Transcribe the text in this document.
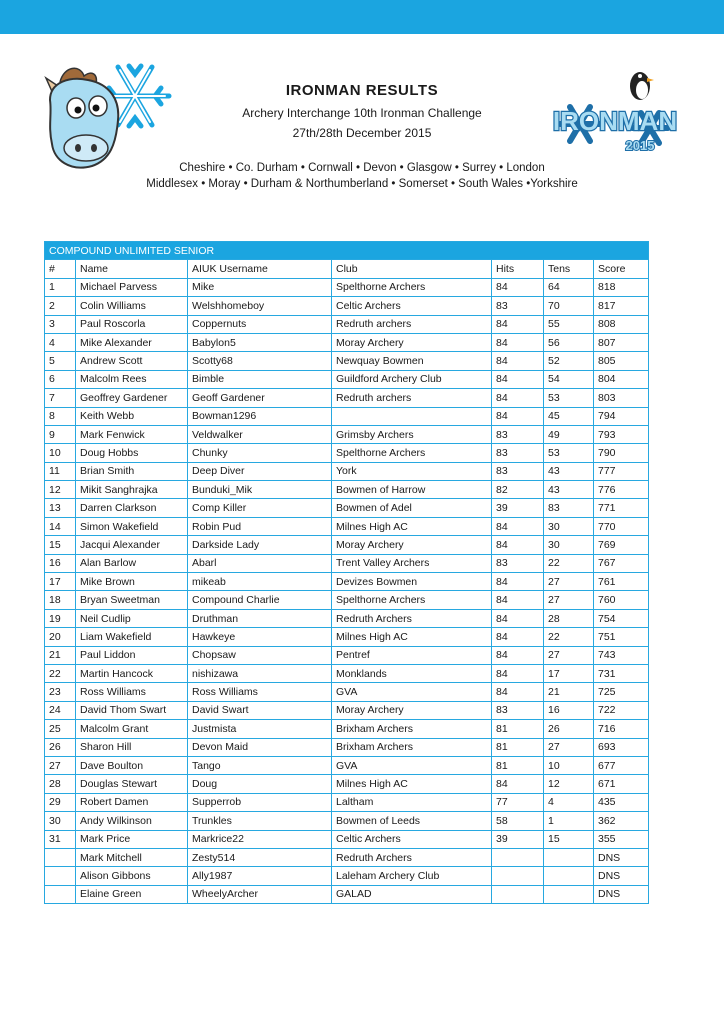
IRONMAN RESULTS
Archery Interchange 10th Ironman Challenge
27th/28th December 2015
Cheshire • Co. Durham • Cornwall • Devon • Glasgow • Surrey • London
Middlesex • Moray • Durham & Northumberland • Somerset • South Wales •Yorkshire
IRONMAN
2015
COMPOUND UNLIMITED SENIOR						
#	Name	AIUK Username	Club	Hits	Tens	Score
1	Michael Parvess	Mike	Spelthorne Archers	84	64	818
2	Colin Williams	Welshhomeboy	Celtic Archers	83	70	817
3	Paul Roscorla	Coppernuts	Redruth archers	84	55	808
4	Mike Alexander	Babylon5	Moray Archery	84	56	807
5	Andrew Scott	Scotty68	Newquay Bowmen	84	52	805
6	Malcolm Rees	Bimble	Guildford Archery Club	84	54	804
7	Geoffrey Gardener	Geoff Gardener	Redruth archers	84	53	803
8	Keith Webb	Bowman1296		84	45	794
9	Mark Fenwick	Veldwalker	Grimsby Archers	83	49	793
10	Doug Hobbs	Chunky	Spelthorne Archers	83	53	790
11	Brian Smith	Deep Diver	York	83	43	777
12	Mikit Sanghrajka	Bunduki_Mik	Bowmen of Harrow	82	43	776
13	Darren Clarkson	Comp Killer	Bowmen of Adel	39	83	771
14	Simon Wakefield	Robin Pud	Milnes High AC	84	30	770
15	Jacqui Alexander	Darkside Lady	Moray Archery	84	30	769
16	Alan Barlow	Abarl	Trent Valley Archers	83	22	767
17	Mike Brown	mikeab	Devizes Bowmen	84	27	761
18	Bryan Sweetman	Compound Charlie	Spelthorne Archers	84	27	760
19	Neil Cudlip	Druthman	Redruth Archers	84	28	754
20	Liam Wakefield	Hawkeye	Milnes High AC	84	22	751
21	Paul Liddon	Chopsaw	Pentref	84	27	743
22	Martin Hancock	nishizawa	Monklands	84	17	731
23	Ross Williams	Ross Williams	GVA	84	21	725
24	David Thom Swart	David Swart	Moray Archery	83	16	722
25	Malcolm Grant	Justmista	Brixham Archers	81	26	716
26	Sharon Hill	Devon Maid	Brixham Archers	81	27	693
27	Dave Boulton	Tango	GVA	81	10	677
28	Douglas Stewart	Doug	Milnes High AC	84	12	671
29	Robert Damen	Supperrob	Laltham	77	4	435
30	Andy Wilkinson	Trunkles	Bowmen of Leeds	58	1	362
31	Mark Price	Markrice22	Celtic Archers	39	15	355
	Mark Mitchell	Zesty514	Redruth Archers			DNS
	Alison Gibbons	Ally1987	Laleham Archery Club			DNS
	Elaine Green	WheelyArcher	GALAD			DNS
